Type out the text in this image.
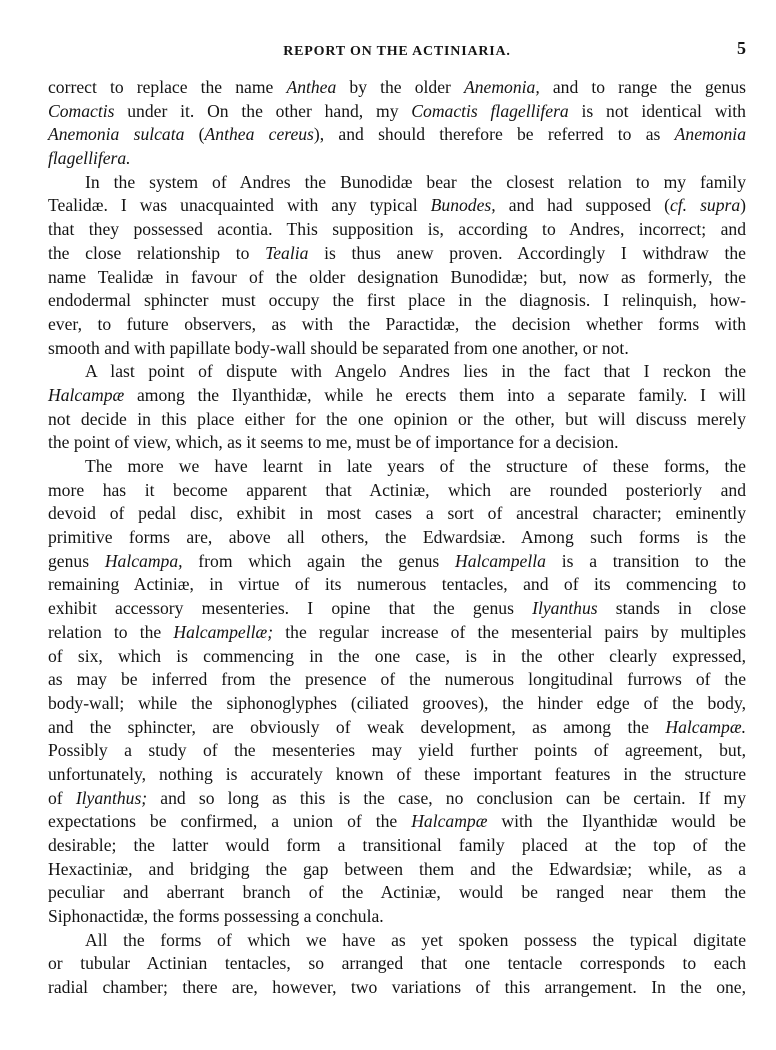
REPORT ON THE ACTINIARIA.	5
correct to replace the name Anthea by the older Anemonia, and to range the genus
Comactis under it. On the other hand, my Comactis flagellifera is not identical with
Anemonia sulcata (Anthea cereus), and should therefore be referred to as Anemonia
flagellifera.
In the system of Andres the Bunodidæ bear the closest relation to my family
Tealidæ. I was unacquainted with any typical Bunodes, and had supposed (cf. supra)
that they possessed acontia. This supposition is, according to Andres, incorrect; and
the close relationship to Tealia is thus anew proven. Accordingly I withdraw the
name Tealidæ in favour of the older designation Bunodidæ; but, now as formerly, the
endodermal sphincter must occupy the first place in the diagnosis. I relinquish, how-
ever, to future observers, as with the Paractidæ, the decision whether forms with
smooth and with papillate body-wall should be separated from one another, or not.
A last point of dispute with Angelo Andres lies in the fact that I reckon the
Halcampæ among the Ilyanthidæ, while he erects them into a separate family. I will
not decide in this place either for the one opinion or the other, but will discuss merely
the point of view, which, as it seems to me, must be of importance for a decision.
The more we have learnt in late years of the structure of these forms, the
more has it become apparent that Actiniæ, which are rounded posteriorly and
devoid of pedal disc, exhibit in most cases a sort of ancestral character; eminently
primitive forms are, above all others, the Edwardsiæ. Among such forms is the
genus Halcampa, from which again the genus Halcampella is a transition to the
remaining Actiniæ, in virtue of its numerous tentacles, and of its commencing to
exhibit accessory mesenteries. I opine that the genus Ilyanthus stands in close
relation to the Halcampellæ; the regular increase of the mesenterial pairs by multiples
of six, which is commencing in the one case, is in the other clearly expressed,
as may be inferred from the presence of the numerous longitudinal furrows of the
body-wall; while the siphonoglyphes (ciliated grooves), the hinder edge of the body,
and the sphincter, are obviously of weak development, as among the Halcampæ.
Possibly a study of the mesenteries may yield further points of agreement, but,
unfortunately, nothing is accurately known of these important features in the structure
of Ilyanthus; and so long as this is the case, no conclusion can be certain. If my
expectations be confirmed, a union of the Halcampæ with the Ilyanthidæ would be
desirable; the latter would form a transitional family placed at the top of the
Hexactiniæ, and bridging the gap between them and the Edwardsiæ; while, as a
peculiar and aberrant branch of the Actiniæ, would be ranged near them the
Siphonactidæ, the forms possessing a conchula.
All the forms of which we have as yet spoken possess the typical digitate
or tubular Actinian tentacles, so arranged that one tentacle corresponds to each
radial chamber; there are, however, two variations of this arrangement. In the one,
